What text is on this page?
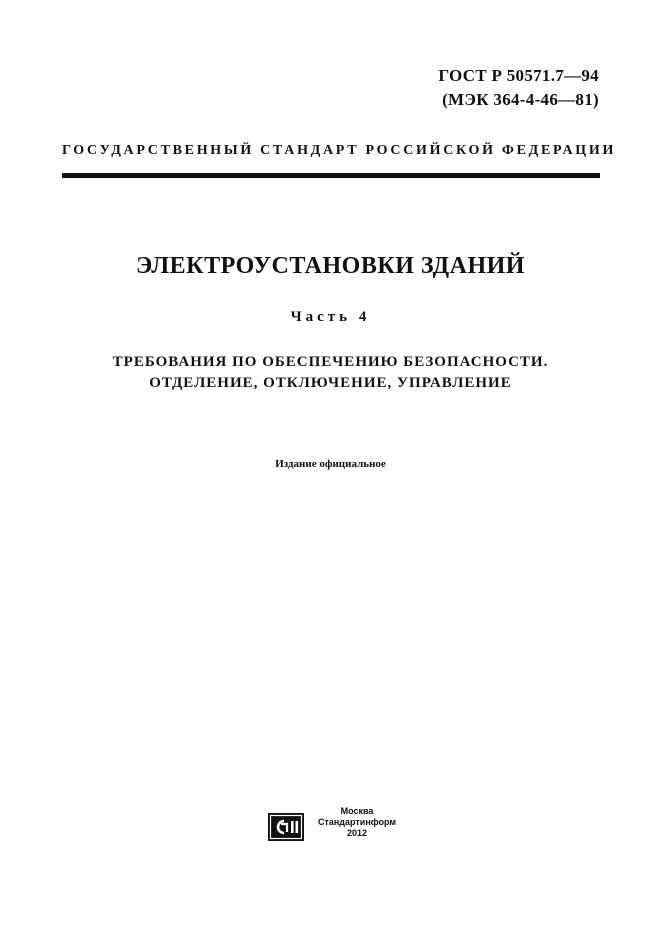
ГОСТ Р 50571.7—94
(МЭК 364-4-46—81)
ГОСУДАРСТВЕННЫЙ СТАНДАРТ РОССИЙСКОЙ ФЕДЕРАЦИИ
ЭЛЕКТРОУСТАНОВКИ ЗДАНИЙ
Часть 4
ТРЕБОВАНИЯ ПО ОБЕСПЕЧЕНИЮ БЕЗОПАСНОСТИ.
ОТДЕЛЕНИЕ, ОТКЛЮЧЕНИЕ, УПРАВЛЕНИЕ
Издание официальное
Москва
Стандартинформ
2012
